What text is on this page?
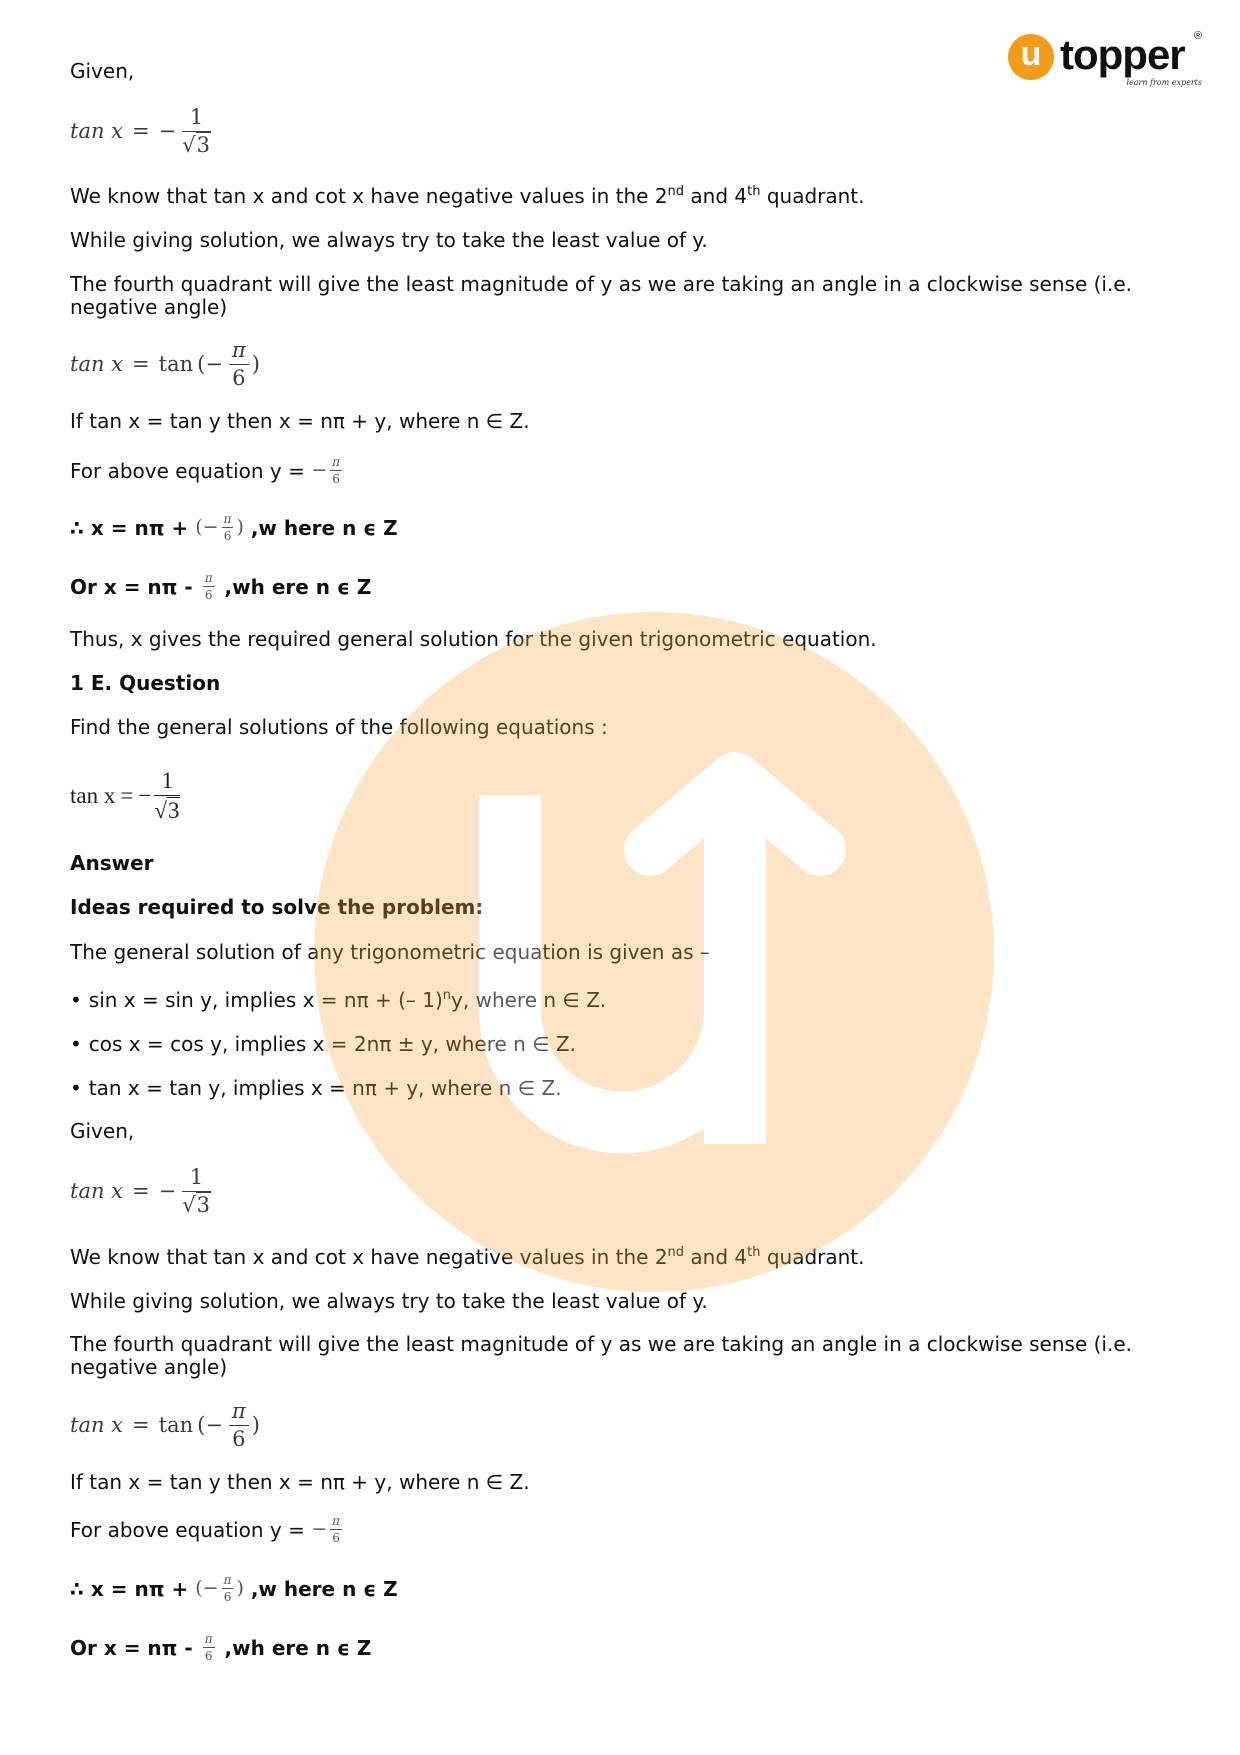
u topper ®
learn from experts
Given,
tan x = − $\frac{1}{√3}$
We know that tan x and cot x have negative values in the 2nd and 4th quadrant.
While giving solution, we always try to take the least value of y.
The fourth quadrant will give the least magnitude of y as we are taking an angle in a clockwise sense (i.e. negative angle)
tan x = tan ( − $\frac{\pi}{6}$ )
If tan x = tan y then x = nπ + y, where n ∈ Z.
For above equation y = − $\frac{\pi}{6}$
∴ x = nπ + ( − $\frac{\pi}{6}$ ) ,w here n ϵ Z
Or $x = n\pi - \frac{\pi}{6} ,wh$ ere n ϵ Z
Thus, x gives the required general solution for the given trigonometric equation.
1 E. Question
Find the general solutions of the following equations :
tan x = − $\frac{1}{√3}$
Answer
Ideas required to solve the problem:
The general solution of any trigonometric equation is given as –
• sin x = sin y, implies x = nπ + (– 1)$^n$y, where n ∈ Z.
• cos x = cos y, implies x = 2nπ ± y, where n ∈ Z.
• tan x = tan y, implies x = nπ + y, where n ∈ Z.
Given,
tan x = − $\frac{1}{√3}$
We know that tan x and cot x have negative values in the 2nd and 4th quadrant.
While giving solution, we always try to take the least value of y.
The fourth quadrant will give the least magnitude of y as we are taking an angle in a clockwise sense (i.e. negative angle)
tan x = tan ( − $\frac{\pi}{6}$ )
If tan x = tan y then x = nπ + y, where n ∈ Z.
For above equation y = − $\frac{\pi}{6}$
∴ x = nπ + ( − $\frac{\pi}{6}$ ) ,w here n ϵ Z
Or $x = n\pi - \frac{\pi}{6} ,wh$ ere n ϵ Z
